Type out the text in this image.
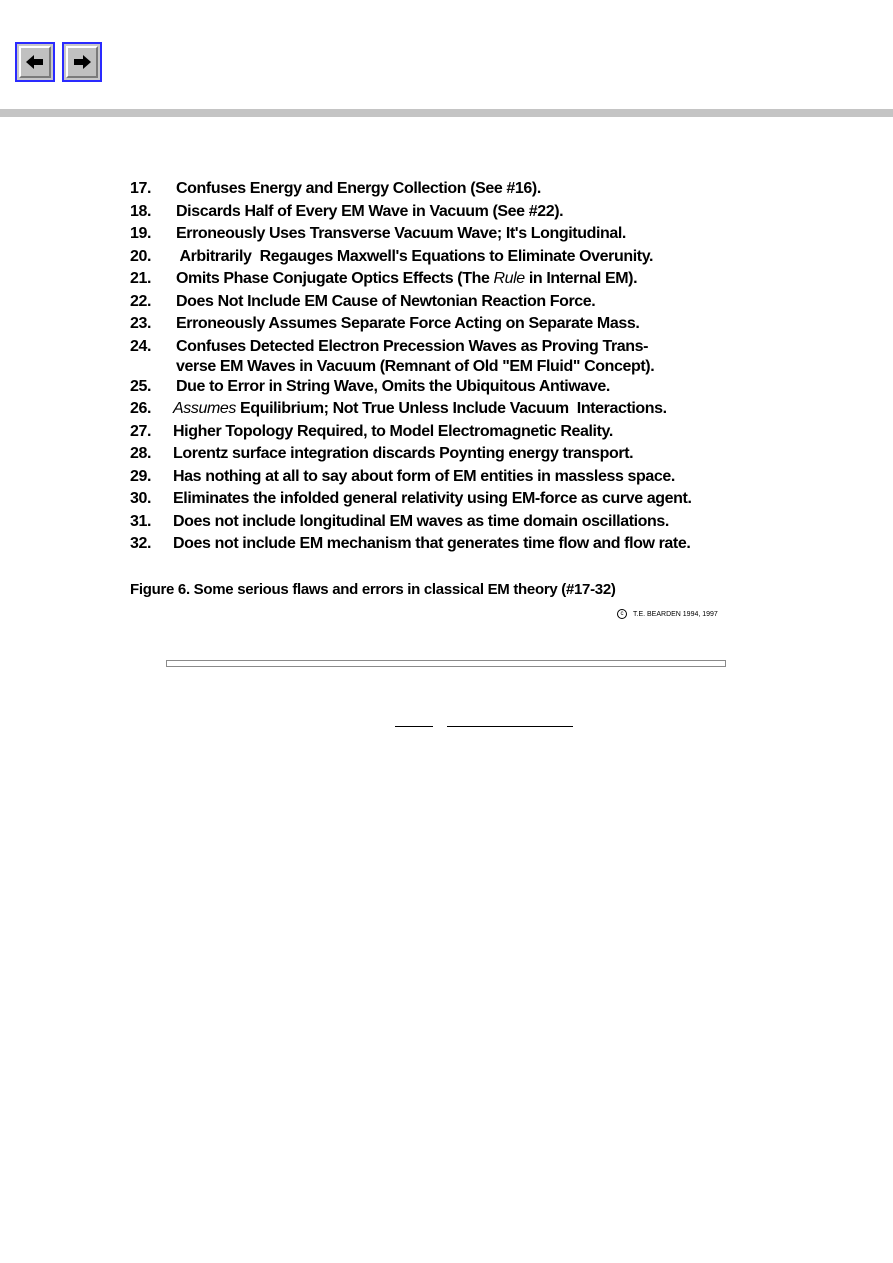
17.	Confuses Energy and Energy Collection (See #16).
18.	Discards Half of Every EM Wave in Vacuum (See #22).
19.	Erroneously Uses Transverse Vacuum Wave; It's Longitudinal.
20.	Arbitrarily  Regauges Maxwell's Equations to Eliminate Overunity.
21.	Omits Phase Conjugate Optics Effects (The Rule in Internal EM).
22.	Does Not Include EM Cause of Newtonian Reaction Force.
23.	Erroneously Assumes Separate Force Acting on Separate Mass.
24.	Confuses Detected Electron Precession Waves as Proving Trans-
verse EM Waves in Vacuum (Remnant of Old "EM Fluid" Concept).
25.	Due to Error in String Wave, Omits the Ubiquitous Antiwave.
26.	Assumes Equilibrium; Not True Unless Include Vacuum  Interactions.
27.	Higher Topology Required, to Model Electromagnetic Reality.
28.	Lorentz surface integration discards Poynting energy transport.
29.	Has nothing at all to say about form of EM entities in massless space.
30.	Eliminates the infolded general relativity using EM-force as curve agent.
31.	Does not include longitudinal EM waves as time domain oscillations.
32.	Does not include EM mechanism that generates time flow and flow rate.
Figure 6. Some serious flaws and errors in classical EM theory (#17-32)
c T.E. BEARDEN 1994, 1997
